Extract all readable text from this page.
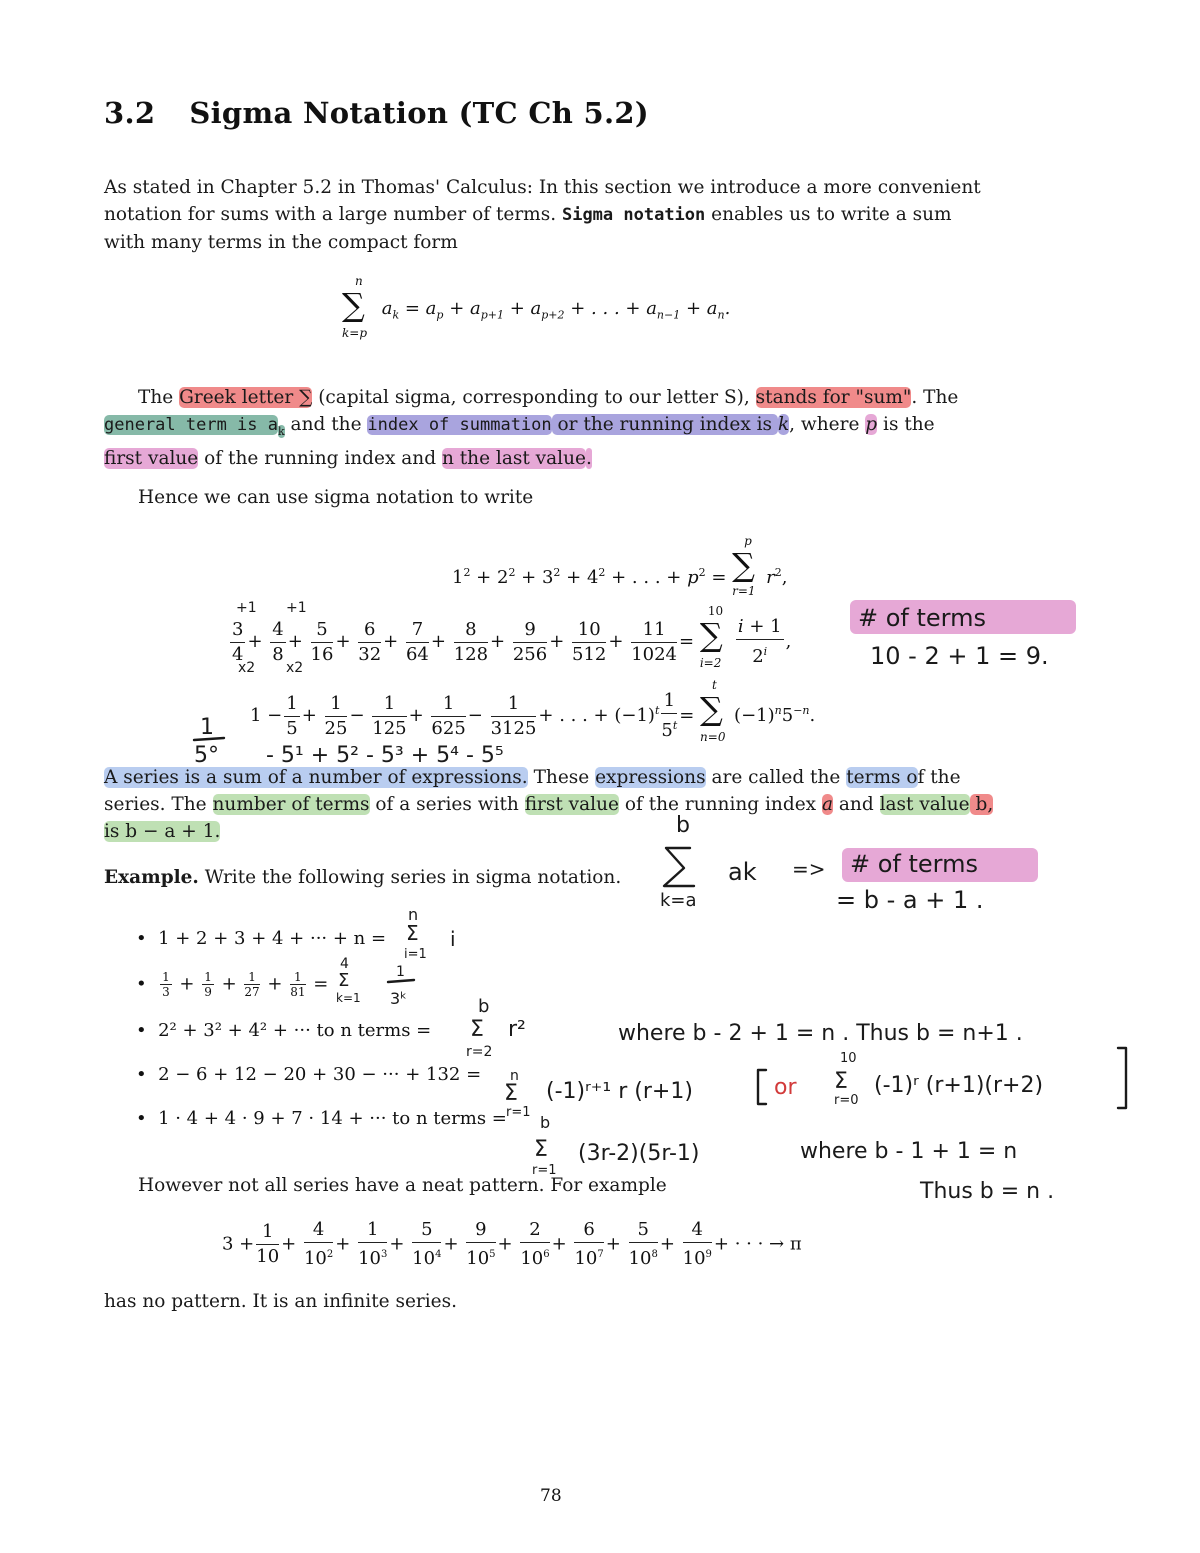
3.2 Sigma Notation (TC Ch 5.2)

As stated in Chapter 5.2 in Thomas' Calculus: In this section we introduce a more convenient

notation for sums with a large number of terms. Sigma notation enables us to write a sum

with many terms in the compact form

n
∑
k=p
$a_k = a_p + a_{p+1} + a_{p+2}$ + . . . + $a_{n-1} + a_n$.

The Greek letter ∑ (capital sigma, corresponding to our letter S), stands for "sum". The

general term is $a_k$ and the index of summation or the running index is k, where p is the

first value of the running index and n the last value.

Hence we can use sigma notation to write
$1^2 + 2^2 + 3^2 + 4^2$ + . . . + $p^2$ =
p
∑
r=1
$r^2$,
$\frac{3}{4} + \frac{4}{8} + \frac{5}{16} + \frac{6}{32} + \frac{7}{64} + \frac{8}{128} + \frac{9}{256} + \frac{10}{512} + \frac{11}{1024}$ =
10
∑
$i=2 \frac{i + 1}{2^i}$ ,
$1 - \frac{1}{5} + \frac{1}{25} - \frac{1}{125} + \frac{1}{625} - \frac{1}{3125}$ + . . . + $(-1)^t \frac{1}{5^t}$ =
t
∑
n=0
$(-1)^n5^{-n}$.

A series is a sum of a number of expressions. These expressions are called the terms of the

series. The number of terms of a series with first value of the running index a and last value b,

is b − a + 1.

Example. Write the following series in sigma notation.
•  1 + 2 + 3 + 4 + ··· + n =
• $\frac{1}{3} + \frac{1}{9} + \frac{1}{27} + \frac{1}{81}$ =
•  2² + 3² + 4² + ··· to n terms =
•  2 − 6 + 12 − 20 + 30 − ··· + 132 =
•  1 · 4 + 4 · 9 + 7 · 14 + ··· to n terms =
However not all series have a neat pattern. For example
$3 + \frac{1}{10} + \frac{4}{10^2} + \frac{1}{10^3} + \frac{5}{10^4} + \frac{9}{10^5} + \frac{2}{10^6} + \frac{6}{10^7} + \frac{5}{10^8} + \frac{4}{10^9}$ + · · · → π
has no pattern. It is an infinite series.
78
# of terms
10 - 2 + 1 = 9.
# of terms
= b - a + 1 .
+1 +1
x2 x2
1
5° - 5¹ + 5² - 5³ + 5⁴ - 5⁵
b
ak =>
k=a
n
Σ
i=1
i
4
Σ
k=1
1
3ᵏ	b
Σ
r=2
r²	where b - 2 + 1 = n . Thus b = n+1 .
n
Σ
r=1
(-1)ʳ⁺¹ r (r+1)	or
10
Σ
r=0
(-1)ʳ (r+1)(r+2)
b
Σ
r=1
(3r-2)(5r-1)	where b - 1 + 1 = n
Thus b = n .
